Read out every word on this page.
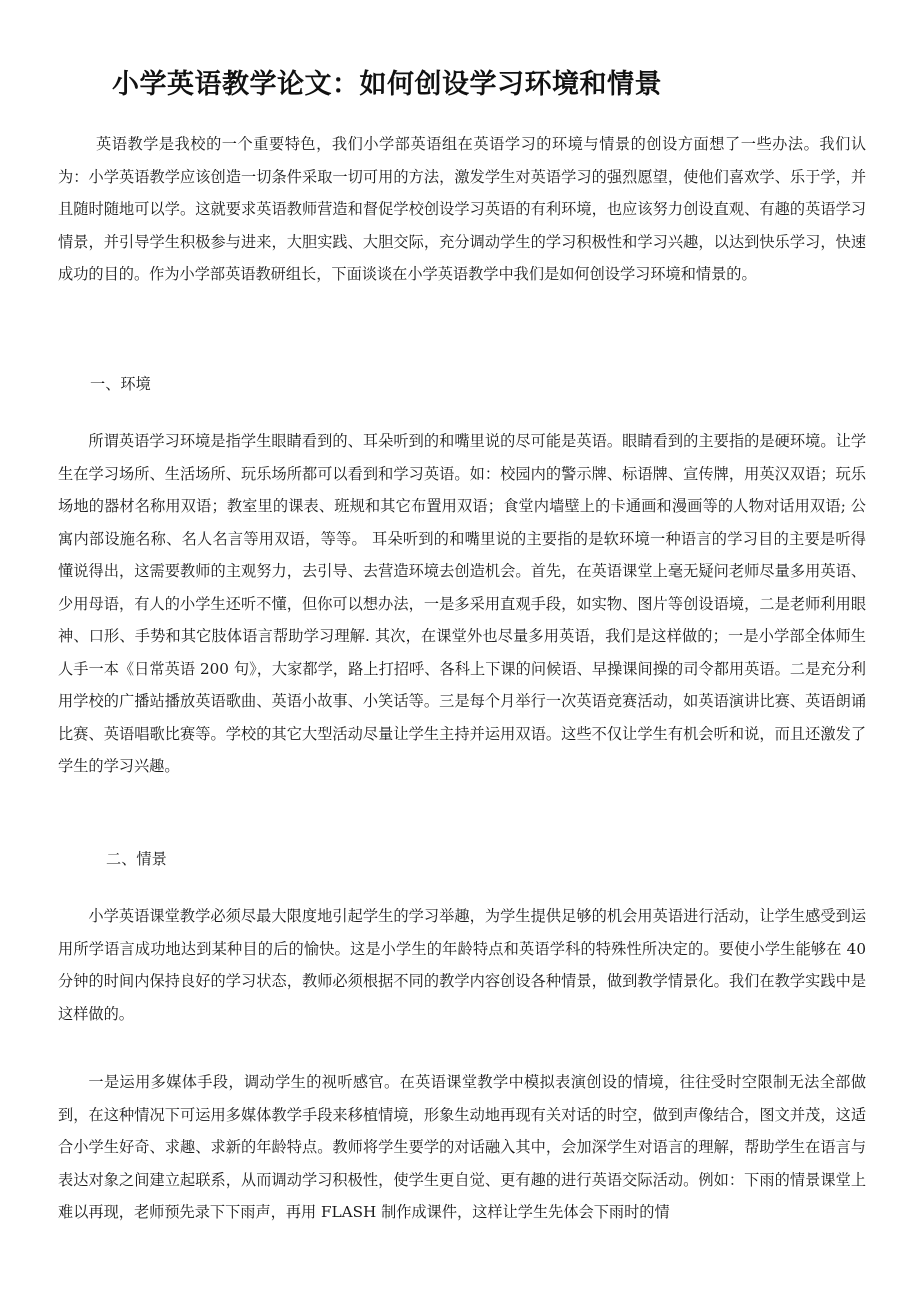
小学英语教学论文：如何创设学习环境和情景

英语教学是我校的一个重要特色，我们小学部英语组在英语学习的环境与情景的创设方面想了一些办法。我们认为：小学英语教学应该创造一切条件采取一切可用的方法，激发学生对英语学习的强烈愿望，使他们喜欢学、乐于学，并且随时随地可以学。这就要求英语教师营造和督促学校创设学习英语的有利环境，也应该努力创设直观、有趣的英语学习情景，并引导学生积极参与进来，大胆实践、大胆交际，充分调动学生的学习积极性和学习兴趣，以达到快乐学习，快速成功的目的。作为小学部英语教研组长，下面谈谈在小学英语教学中我们是如何创设学习环境和情景的。

一、环境

所谓英语学习环境是指学生眼睛看到的、耳朵听到的和嘴里说的尽可能是英语。眼睛看到的主要指的是硬环境。让学生在学习场所、生活场所、玩乐场所都可以看到和学习英语。如：校园内的警示牌、标语牌、宣传牌，用英汉双语；玩乐场地的器材名称用双语；教室里的课表、班规和其它布置用双语；食堂内墙壁上的卡通画和漫画等的人物对话用双语; 公寓内部设施名称、名人名言等用双语，等等。 耳朵听到的和嘴里说的主要指的是软环境一种语言的学习目的主要是听得懂说得出，这需要教师的主观努力，去引导、去营造环境去创造机会。首先，在英语课堂上毫无疑问老师尽量多用英语、少用母语，有人的小学生还听不懂，但你可以想办法，一是多采用直观手段，如实物、图片等创设语境，二是老师利用眼神、口形、手势和其它肢体语言帮助学习理解. 其次，在课堂外也尽量多用英语，我们是这样做的；一是小学部全体师生人手一本《日常英语 200 句》，大家都学，路上打招呼、各科上下课的问候语、早操课间操的司令都用英语。二是充分利用学校的广播站播放英语歌曲、英语小故事、小笑话等。三是每个月举行一次英语竞赛活动，如英语演讲比赛、英语朗诵比赛、英语唱歌比赛等。学校的其它大型活动尽量让学生主持并运用双语。这些不仅让学生有机会听和说，而且还激发了学生的学习兴趣。

二、情景

小学英语课堂教学必须尽最大限度地引起学生的学习举趣，为学生提供足够的机会用英语进行活动，让学生感受到运用所学语言成功地达到某种目的后的愉快。这是小学生的年龄特点和英语学科的特殊性所决定的。要使小学生能够在 40 分钟的时间内保持良好的学习状态，教师必须根据不同的教学内容创设各种情景，做到教学情景化。我们在教学实践中是这样做的。

一是运用多媒体手段，调动学生的视听感官。在英语课堂教学中模拟表演创设的情境，往往受时空限制无法全部做到，在这种情况下可运用多媒体教学手段来移植情境，形象生动地再现有关对话的时空，做到声像结合，图文并茂，这适合小学生好奇、求趣、求新的年龄特点。教师将学生要学的对话融入其中，会加深学生对语言的理解，帮助学生在语言与表达对象之间建立起联系，从而调动学习积极性，使学生更自觉、更有趣的进行英语交际活动。例如：下雨的情景课堂上难以再现，老师预先录下下雨声，再用 FLASH 制作成课件，这样让学生先体会下雨时的情
